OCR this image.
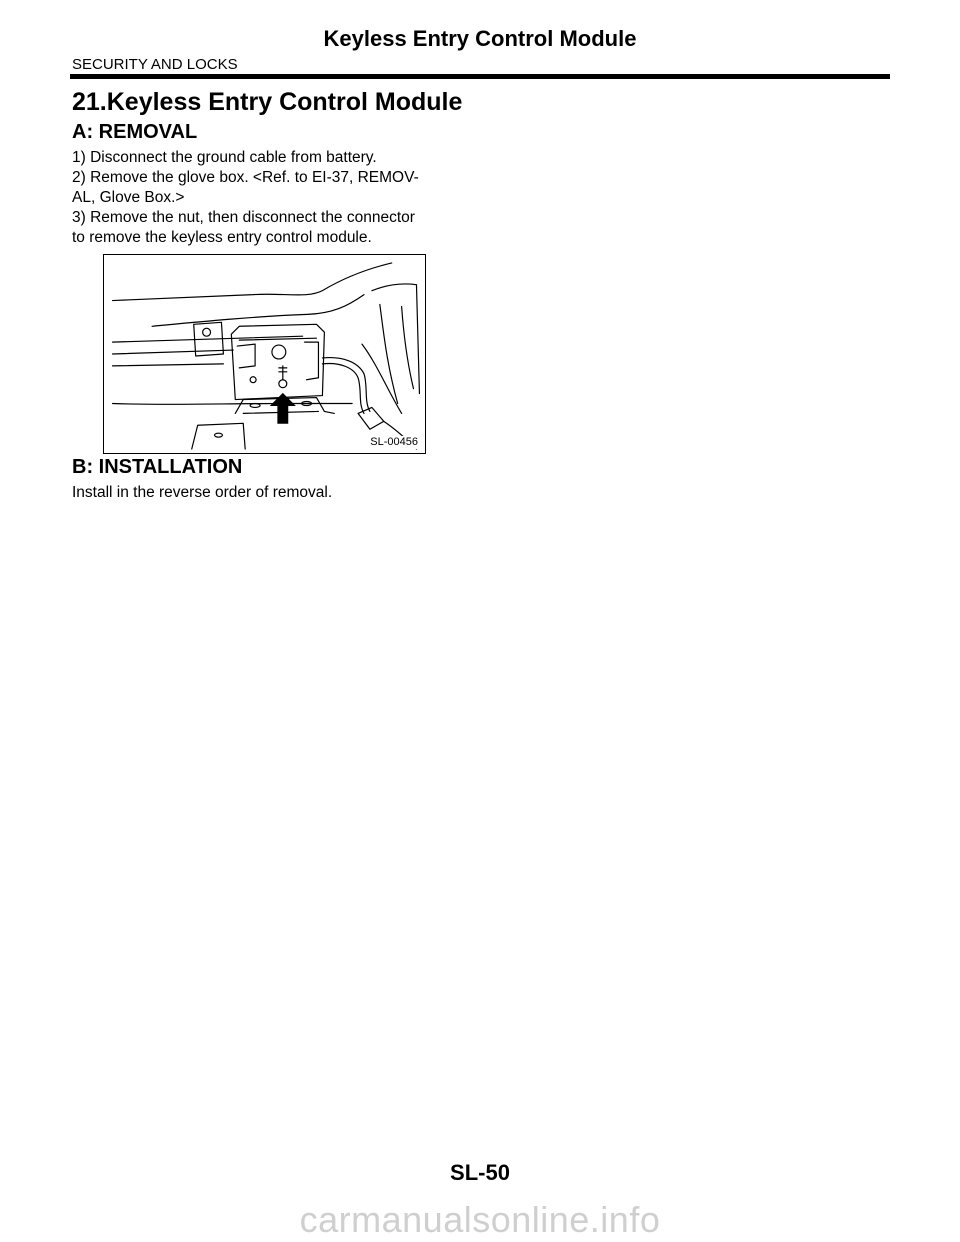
Keyless Entry Control Module
SECURITY AND LOCKS
21.Keyless Entry Control Module
A: REMOVAL
1) Disconnect the ground cable from battery.
2) Remove the glove box. <Ref. to EI-37, REMOV-
AL, Glove Box.>
3) Remove the nut, then disconnect the connector
to remove the keyless entry control module.
SL-00456
B: INSTALLATION
Install in the reverse order of removal.
SL-50
carmanualsonline.info
